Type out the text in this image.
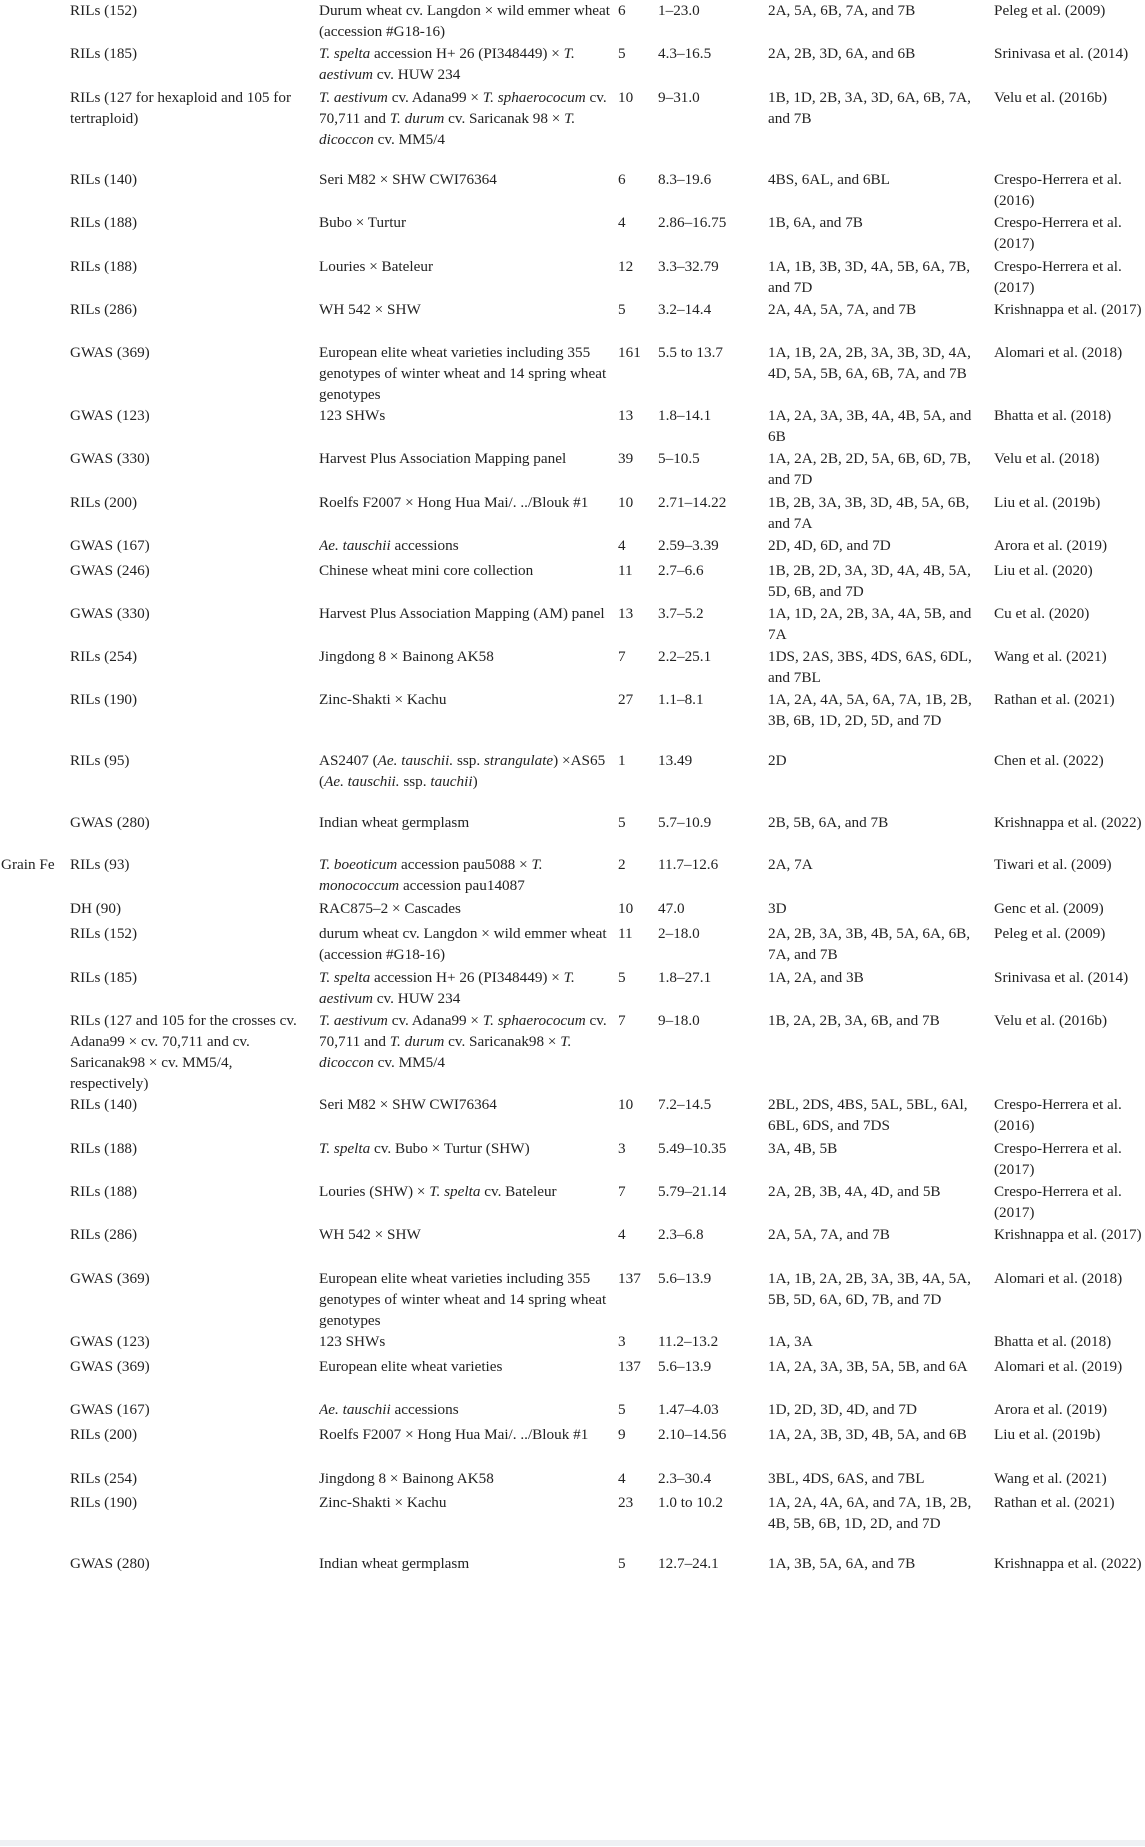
	RILs (152)	Durum wheat cv. Langdon × wild emmer wheat (accession #G18-16)	6	1–23.0	2A, 5A, 6B, 7A, and 7B	Peleg et al. (2009)
	RILs (185)	T. spelta accession H+ 26 (PI348449) × T. aestivum cv. HUW 234	5	4.3–16.5	2A, 2B, 3D, 6A, and 6B	Srinivasa et al. (2014)
	RILs (127 for hexaploid and 105 for tertraploid)	T. aestivum cv. Adana99 × T. sphaerococum cv. 70,711 and T. durum cv. Saricanak 98 × T. dicoccon cv. MM5/4	10	9–31.0	1B, 1D, 2B, 3A, 3D, 6A, 6B, 7A, and 7B	Velu et al. (2016b)
	RILs (140)	Seri M82 × SHW CWI76364	6	8.3–19.6	4BS, 6AL, and 6BL	Crespo-Herrera et al. (2016)
	RILs (188)	Bubo × Turtur	4	2.86–16.75	1B, 6A, and 7B	Crespo-Herrera et al. (2017)
	RILs (188)	Louries × Bateleur	12	3.3–32.79	1A, 1B, 3B, 3D, 4A, 5B, 6A, 7B, and 7D	Crespo-Herrera et al. (2017)
	RILs (286)	WH 542 × SHW	5	3.2–14.4	2A, 4A, 5A, 7A, and 7B	Krishnappa et al. (2017)
	GWAS (369)	European elite wheat varieties including 355 genotypes of winter wheat and 14 spring wheat genotypes	161	5.5 to 13.7	1A, 1B, 2A, 2B, 3A, 3B, 3D, 4A, 4D, 5A, 5B, 6A, 6B, 7A, and 7B	Alomari et al. (2018)
	GWAS (123)	123 SHWs	13	1.8–14.1	1A, 2A, 3A, 3B, 4A, 4B, 5A, and 6B	Bhatta et al. (2018)
	GWAS (330)	Harvest Plus Association Mapping panel	39	5–10.5	1A, 2A, 2B, 2D, 5A, 6B, 6D, 7B, and 7D	Velu et al. (2018)
	RILs (200)	Roelfs F2007 × Hong Hua Mai/. ../Blouk #1	10	2.71–14.22	1B, 2B, 3A, 3B, 3D, 4B, 5A, 6B, and 7A	Liu et al. (2019b)
	GWAS (167)	Ae. tauschii accessions	4	2.59–3.39	2D, 4D, 6D, and 7D	Arora et al. (2019)
	GWAS (246)	Chinese wheat mini core collection	11	2.7–6.6	1B, 2B, 2D, 3A, 3D, 4A, 4B, 5A, 5D, 6B, and 7D	Liu et al. (2020)
	GWAS (330)	Harvest Plus Association Mapping (AM) panel	13	3.7–5.2	1A, 1D, 2A, 2B, 3A, 4A, 5B, and 7A	Cu et al. (2020)
	RILs (254)	Jingdong 8 × Bainong AK58	7	2.2–25.1	1DS, 2AS, 3BS, 4DS, 6AS, 6DL, and 7BL	Wang et al. (2021)
	RILs (190)	Zinc-Shakti × Kachu	27	1.1–8.1	1A, 2A, 4A, 5A, 6A, 7A, 1B, 2B, 3B, 6B, 1D, 2D, 5D, and 7D	Rathan et al. (2021)
	RILs (95)	AS2407 (Ae. tauschii. ssp. strangulate) ×AS65 (Ae. tauschii. ssp. tauchii)	1	13.49	2D	Chen et al. (2022)
	GWAS (280)	Indian wheat germplasm	5	5.7–10.9	2B, 5B, 6A, and 7B	Krishnappa et al. (2022)
Grain Fe	RILs (93)	T. boeoticum accession pau5088 × T. monococcum accession pau14087	2	11.7–12.6	2A, 7A	Tiwari et al. (2009)
	DH (90)	RAC875–2 × Cascades	10	47.0	3D	Genc et al. (2009)
	RILs (152)	durum wheat cv. Langdon × wild emmer wheat (accession #G18-16)	11	2–18.0	2A, 2B, 3A, 3B, 4B, 5A, 6A, 6B, 7A, and 7B	Peleg et al. (2009)
	RILs (185)	T. spelta accession H+ 26 (PI348449) × T. aestivum cv. HUW 234	5	1.8–27.1	1A, 2A, and 3B	Srinivasa et al. (2014)
	RILs (127 and 105 for the crosses cv. Adana99 × cv. 70,711 and cv. Saricanak98 × cv. MM5/4, respectively)	T. aestivum cv. Adana99 × T. sphaerococum cv. 70,711 and T. durum cv. Saricanak98 × T. dicoccon cv. MM5/4	7	9–18.0	1B, 2A, 2B, 3A, 6B, and 7B	Velu et al. (2016b)
	RILs (140)	Seri M82 × SHW CWI76364	10	7.2–14.5	2BL, 2DS, 4BS, 5AL, 5BL, 6Al, 6BL, 6DS, and 7DS	Crespo-Herrera et al. (2016)
	RILs (188)	T. spelta cv. Bubo × Turtur (SHW)	3	5.49–10.35	3A, 4B, 5B	Crespo-Herrera et al. (2017)
	RILs (188)	Louries (SHW) × T. spelta cv. Bateleur	7	5.79–21.14	2A, 2B, 3B, 4A, 4D, and 5B	Crespo-Herrera et al. (2017)
	RILs (286)	WH 542 × SHW	4	2.3–6.8	2A, 5A, 7A, and 7B	Krishnappa et al. (2017)
	GWAS (369)	European elite wheat varieties including 355 genotypes of winter wheat and 14 spring wheat genotypes	137	5.6–13.9	1A, 1B, 2A, 2B, 3A, 3B, 4A, 5A, 5B, 5D, 6A, 6D, 7B, and 7D	Alomari et al. (2018)
	GWAS (123)	123 SHWs	3	11.2–13.2	1A, 3A	Bhatta et al. (2018)
	GWAS (369)	European elite wheat varieties	137	5.6–13.9	1A, 2A, 3A, 3B, 5A, 5B, and 6A	Alomari et al. (2019)
	GWAS (167)	Ae. tauschii accessions	5	1.47–4.03	1D, 2D, 3D, 4D, and 7D	Arora et al. (2019)
	RILs (200)	Roelfs F2007 × Hong Hua Mai/. ../Blouk #1	9	2.10–14.56	1A, 2A, 3B, 3D, 4B, 5A, and 6B	Liu et al. (2019b)
	RILs (254)	Jingdong 8 × Bainong AK58	4	2.3–30.4	3BL, 4DS, 6AS, and 7BL	Wang et al. (2021)
	RILs (190)	Zinc-Shakti × Kachu	23	1.0 to 10.2	1A, 2A, 4A, 6A, and 7A, 1B, 2B, 4B, 5B, 6B, 1D, 2D, and 7D	Rathan et al. (2021)
	GWAS (280)	Indian wheat germplasm	5	12.7–24.1	1A, 3B, 5A, 6A, and 7B	Krishnappa et al. (2022)
